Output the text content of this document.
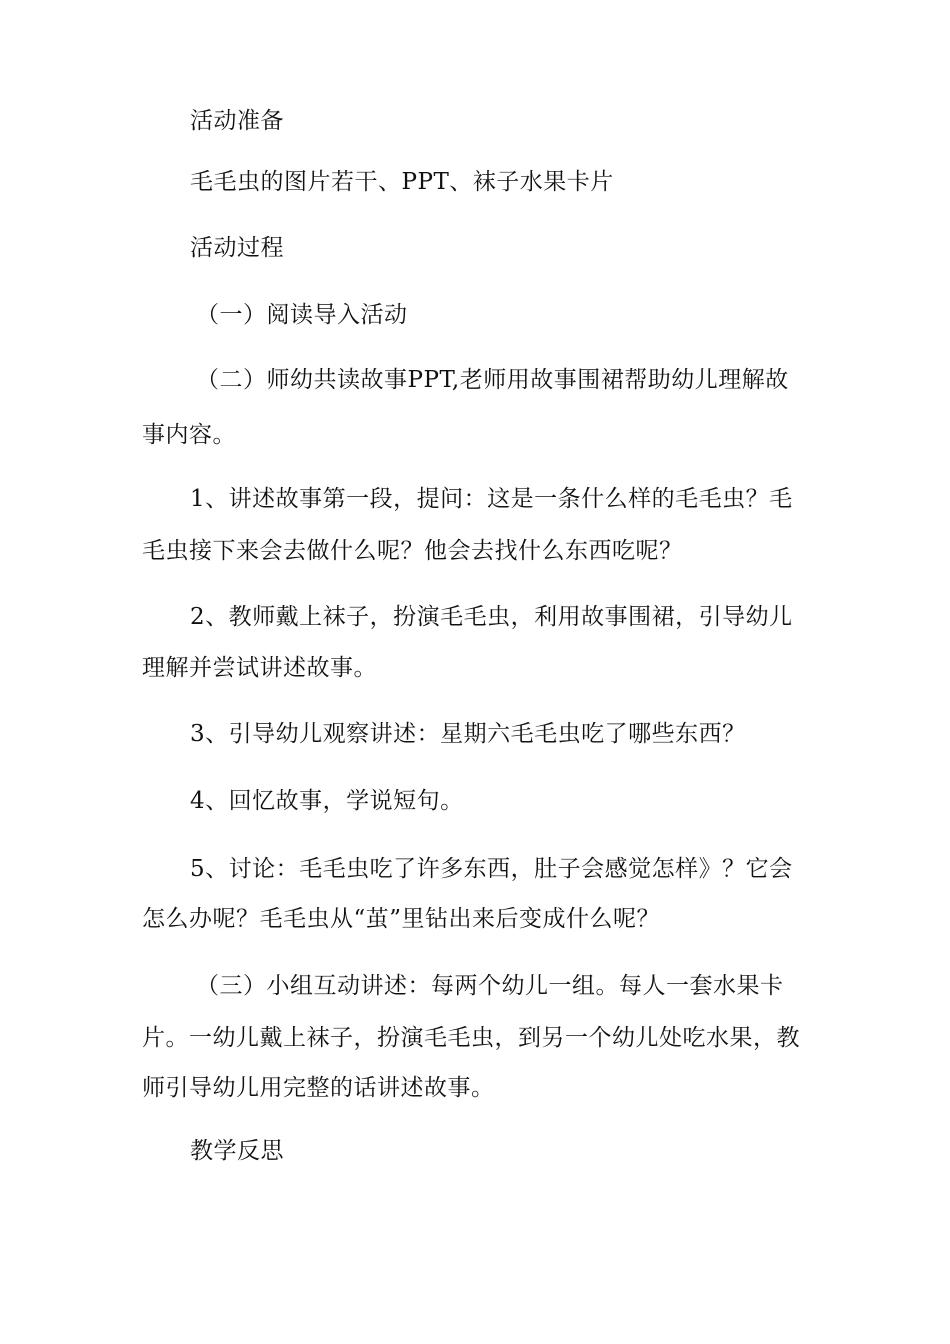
活动准备
毛毛虫的图片若干、PPT、袜子水果卡片
活动过程
（一）阅读导入活动
（二）师幼共读故事PPT,老师用故事围裙帮助幼儿理解故
事内容。
1、讲述故事第一段，提问：这是一条什么样的毛毛虫？毛
毛虫接下来会去做什么呢？他会去找什么东西吃呢？
2、教师戴上袜子，扮演毛毛虫，利用故事围裙，引导幼儿
理解并尝试讲述故事。
3、引导幼儿观察讲述：星期六毛毛虫吃了哪些东西？
4、回忆故事，学说短句。
5、讨论：毛毛虫吃了许多东西，肚子会感觉怎样》？它会
怎么办呢？毛毛虫从“茧”里钻出来后变成什么呢？
（三）小组互动讲述：每两个幼儿一组。每人一套水果卡
片。一幼儿戴上袜子，扮演毛毛虫，到另一个幼儿处吃水果，教
师引导幼儿用完整的话讲述故事。
教学反思
